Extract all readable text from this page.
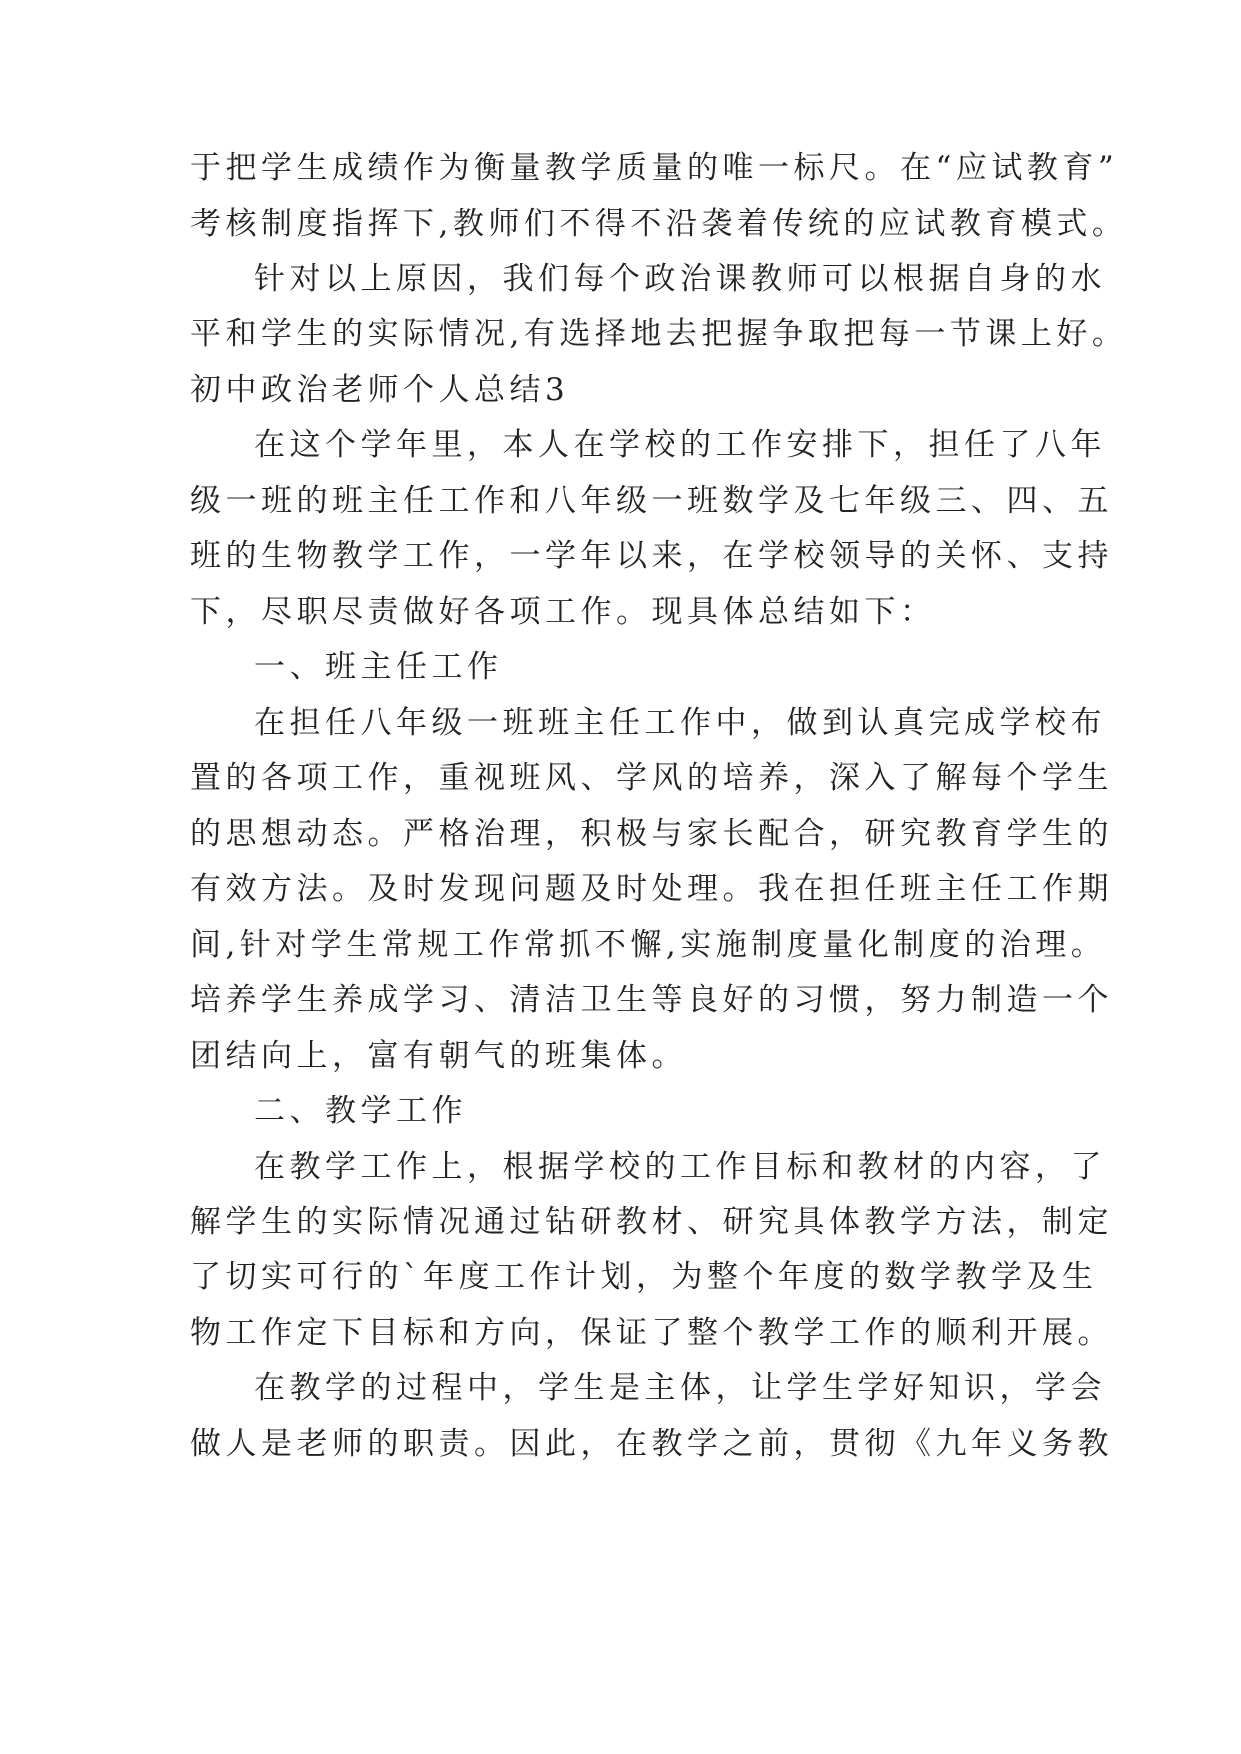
于把学生成绩作为衡量教学质量的唯一标尺。在“应试教育”
考核制度指挥下,教师们不得不沿袭着传统的应试教育模式。
针对以上原因，我们每个政治课教师可以根据自身的水
平和学生的实际情况,有选择地去把握争取把每一节课上好。
初中政治老师个人总结3
在这个学年里，本人在学校的工作安排下，担任了八年
级一班的班主任工作和八年级一班数学及七年级三、四、五
班的生物教学工作，一学年以来，在学校领导的关怀、支持
下，尽职尽责做好各项工作。现具体总结如下：
一、班主任工作
在担任八年级一班班主任工作中，做到认真完成学校布
置的各项工作，重视班风、学风的培养，深入了解每个学生
的思想动态。严格治理，积极与家长配合，研究教育学生的
有效方法。及时发现问题及时处理。我在担任班主任工作期
间,针对学生常规工作常抓不懈,实施制度量化制度的治理。
培养学生养成学习、清洁卫生等良好的习惯，努力制造一个
团结向上，富有朝气的班集体。
二、教学工作
在教学工作上，根据学校的工作目标和教材的内容，了
解学生的实际情况通过钻研教材、研究具体教学方法，制定
了切实可行的`年度工作计划，为整个年度的数学教学及生
物工作定下目标和方向，保证了整个教学工作的顺利开展。
在教学的过程中，学生是主体，让学生学好知识，学会
做人是老师的职责。因此，在教学之前，贯彻《九年义务教
